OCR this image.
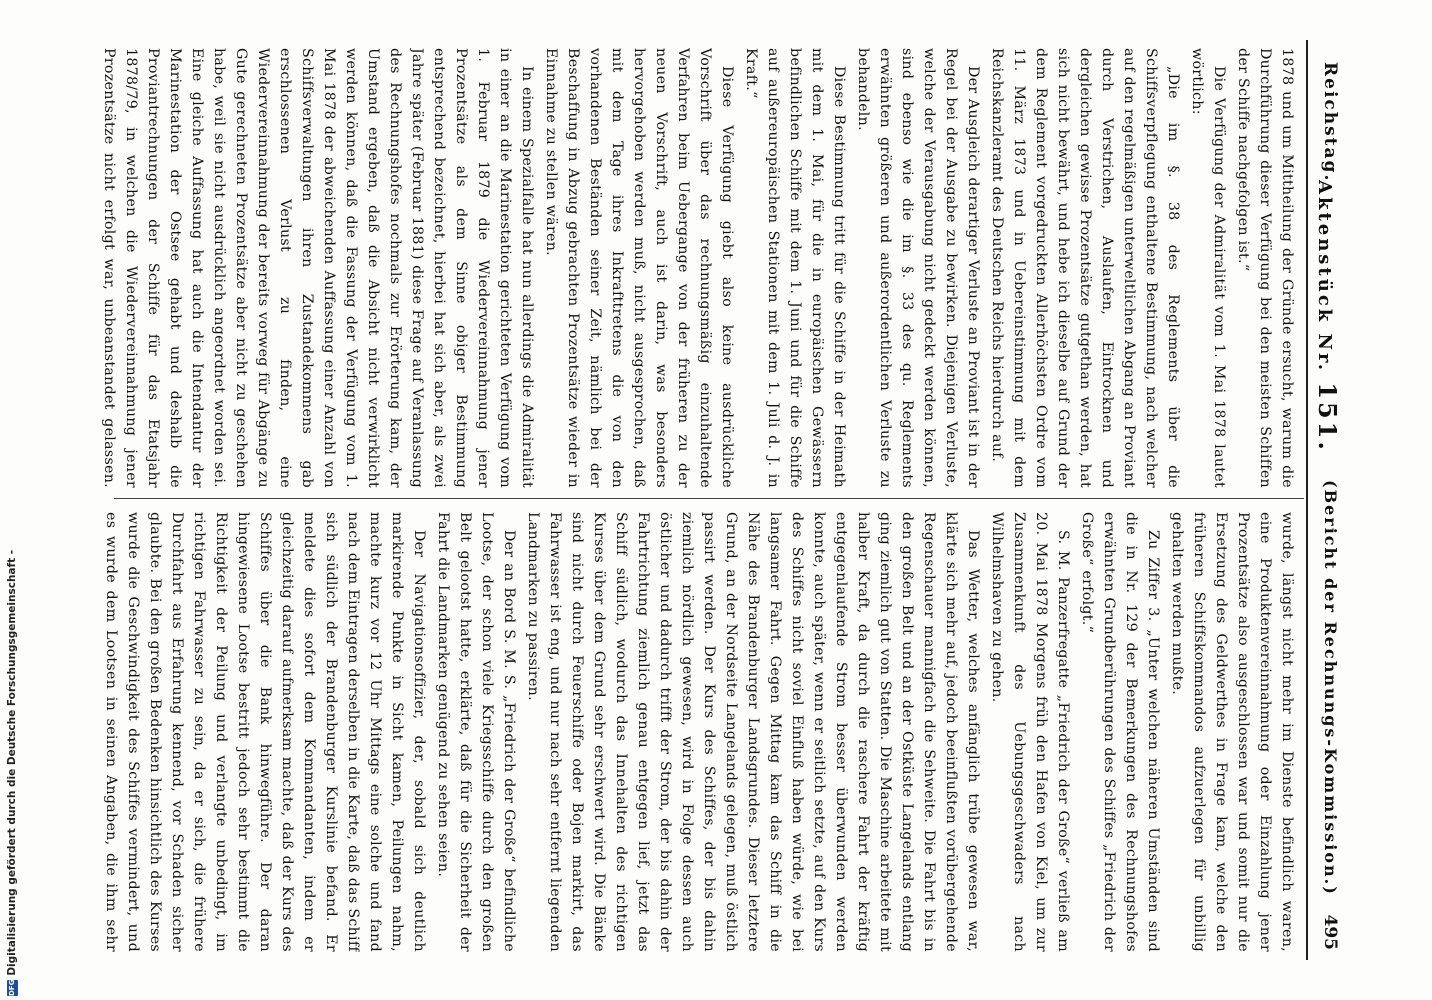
Reichstag.
Aktenstück Nr. 151.
(Bericht der Rechnungs-Kommission.)
495

1878 und um Mittheilung der Gründe ersucht, warum die Durchführung dieser Verfügung bei den meisten Schiffen der Schiffe nachgefolgen ist.“

Die Verfügung der Admiralität vom 1. Mai 1878 lautet wörtlich:

„Die im §. 38 des Reglements über die Schiffsverpflegung enthaltene Bestimmung, nach welcher auf den regelmäßigen unterweltlichen Abgang an Proviant durch Verstrichen, Auslaufen, Eintrocknen und dergleichen gewisse Prozentsätze gutgethan werden, hat sich nicht bewährt, und hebe ich dieselbe auf Grund der dem Reglement vorgedruckten Allerhöchsten Ordre vom 11. März 1873 und in Uebereinstimmung mit dem Reichskanzleramt des Deutschen Reichs hierdurch auf.

Der Ausgleich derartiger Verluste an Proviant ist in der Regel bei der Ausgabe zu bewirken. Diejenigen Verluste, welche der Verausgabung nicht gedeckt werden können, sind ebenso wie die im §. 33 des qu. Reglements erwähnten größeren und außerordentlichen Verluste zu behandeln.

Diese Bestimmung tritt für die Schiffe in der Heimath mit dem 1. Mai, für die in europäischen Gewässern befindlichen Schiffe mit dem 1. Juni und für die Schiffe auf außereuropäischen Stationen mit dem 1. Juli d. J. in Kraft.“

Diese Verfügung giebt also keine ausdrückliche Vorschrift über das rechnungsmäßig einzuhaltende Verfahren beim Uebergange von der früheren zu der neuen Vorschrift, auch ist darin, was besonders hervorgehoben werden muß, nicht ausgesprochen, daß mit dem Tage ihres Inkrafttretens die von den vorhandenen Beständen seiner Zeit, nämlich bei der Beschaffung in Abzug gebrachten Prozentsätze wieder in Einnahme zu stellen wären.

In einem Spezialfalle hat nun allerdings die Admiralität in einer an die Marinestation gerichteten Verfügung vom 1. Februar 1879 die Wiedervereinnahmung jener Prozentsätze als dem Sinne obiger Bestimmung entsprechend bezeichnet, hierbei hat sich aber, als zwei Jahre später (Februar 1881) diese Frage auf Veranlassung des Rechnungshofes nochmals zur Erörterung kam, der Umstand ergeben, daß die Absicht nicht verwirklicht werden können, daß die Fassung der Verfügung vom 1. Mai 1878 der abweichenden Auffassung einer Anzahl von Schiffsverwaltungen ihren Zustandekommens gab erschlossenen Verlust zu finden, eine Wiedervereinnahmung der bereits vorweg für Abgänge zu Gute gerechneten Prozentsätze aber nicht zu geschehen habe, weil sie nicht ausdrücklich angeordnet worden sei. Eine gleiche Auffassung hat auch die Intendantur der Marinestation der Ostsee gehabt und deshalb die Proviantrechnungen der Schiffe für das Etatsjahr 1878/79, in welchen die Wiedervereinnahmung jener Prozentsätze nicht erfolgt war, unbeanstandet gelassen.

wurde, längst nicht mehr im Dienste befindlich waren, eine Produktenvereinnahmung oder Einzahlung jener Prozentsätze also ausgeschlossen war und somit nur die Ersetzung des Geldwerthes in Frage kam, welche den früheren Schiffskommandos aufzuerlegen für unbillig gehalten werden mußte.

Zu Ziffer 3. „Unter welchen näheren Umständen sind die in Nr. 129 der Bemerkungen des Rechnungshofes erwähnten Grundberührungen des Schiffes „Friedrich der Große“ erfolgt.“

S. M. Panzerfregatte „Friedrich der Große“ verließ am 20. Mai 1878 Morgens früh den Hafen von Kiel, um zur Zusammenkunft des Uebungsgeschwaders nach Wilhelmshaven zu gehen.

Das Wetter, welches anfänglich trübe gewesen war, klärte sich mehr auf, jedoch beeinflußten vorübergehende Regenschauer mannigfach die Sehweite. Die Fahrt bis in den großen Belt und an der Ostküste Langelands entlang ging ziemlich gut von Statten. Die Maschine arbeitete mit halber Kraft, da durch die raschere Fahrt der kräftig entgegenlaufende Strom besser überwunden werden konnte, auch später, wenn er seitlich setzte, auf den Kurs des Schiffes nicht soviel Einfluß haben würde, wie bei langsamer Fahrt. Gegen Mittag kam das Schiff in die Nähe des Brandenburger Landsgrundes. Dieser letztere Grund, an der Nordseite Langelands gelegen, muß östlich passirt werden. Der Kurs des Schiffes, der bis dahin ziemlich nördlich gewesen, wird in Folge dessen auch östlicher und dadurch trifft der Strom, der bis dahin der Fahrtrichtung ziemlich genau entgegen lief, jetzt das Schiff südlich, wodurch das Innehalten des richtigen Kurses über dem Grund sehr erschwert wird. Die Bänke sind nicht durch Feuerschiffe oder Bojen markirt, das Fahrwasser ist eng, und nur nach sehr entfernt liegenden Landmarken zu passiren.

Der an Bord S. M. S. „Friedrich der Große“ befindliche Lootse, der schon viele Kriegsschiffe durch den großen Belt gelootst hatte, erklärte, daß für die Sicherheit der Fahrt die Landmarken genügend zu sehen seien.

Der Navigationsoffizier, der, sobald sich deutlich markirende Punkte in Sicht kamen, Peilungen nahm, machte kurz vor 12 Uhr Mittags eine solche und fand nach dem Eintragen derselben in die Karte, daß das Schiff sich südlich der Brandenburger Kurslinie befand. Er meldete dies sofort dem Kommandanten, indem er gleichzeitig darauf aufmerksam machte, daß der Kurs des Schiffes über die Bank hinwegführe. Der daran hingewiesene Lootse bestritt jedoch sehr bestimmt die Richtigkeit der Peilung und verlangte unbedingt, im richtigen Fahrwasser zu sein, da er sich, die frühere Durchfahrt aus Erfahrung kennend, vor Schaden sicher glaubte. Bei den großen Bedenken hinsichtlich des Kurses wurde die Geschwindigkeit des Schiffes vermindert, und es wurde dem Lootsen in seinen Angaben, die ihm sehr

DFG
Digitalisierung gefördert durch die Deutsche Forschungsgemeinschaft -
